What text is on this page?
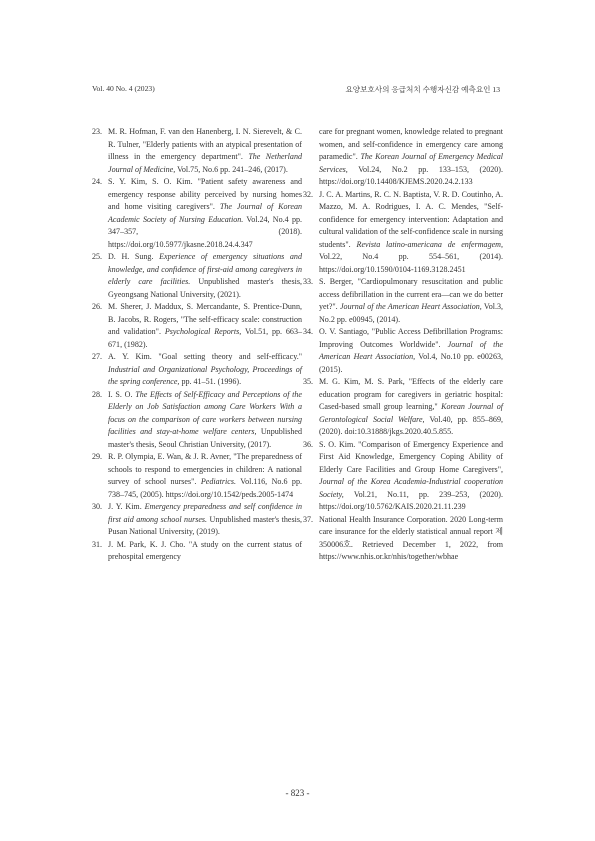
Vol. 40 No. 4 (2023)	요양보호사의 응급처치 수행자신감 예측요인 13
23. M. R. Hofman, F. van den Hanenberg, I. N. Sierevelt, & C. R. Tulner, "Elderly patients with an atypical presentation of illness in the emergency department". The Netherland Journal of Medicine, Vol.75, No.6 pp. 241–246, (2017).
24. S. Y. Kim, S. O. Kim. "Patient safety awareness and emergency response ability perceived by nursing homes and home visiting caregivers". The Journal of Korean Academic Society of Nursing Education. Vol.24, No.4 pp. 347–357, (2018). https://doi.org/10.5977/jkasne.2018.24.4.347
25. D. H. Sung. Experience of emergency situations and knowledge, and confidence of first-aid among caregivers in elderly care facilities. Unpublished master's thesis, Gyeongsang National University, (2021).
26. M. Sherer, J. Maddux, S. Mercandante, S. Prentice-Dunn, B. Jacobs, R. Rogers, "The self-efficacy scale: construction and validation". Psychological Reports, Vol.51, pp. 663–671, (1982).
27. A. Y. Kim. "Goal setting theory and self-efficacy." Industrial and Organizational Psychology, Proceedings of the spring conference, pp. 41–51. (1996).
28. I. S. O. The Effects of Self-Efficacy and Perceptions of the Elderly on Job Satisfaction among Care Workers With a focus on the comparison of care workers between nursing facilities and stay-at-home welfare centers, Unpublished master's thesis, Seoul Christian University, (2017).
29. R. P. Olympia, E. Wan, & J. R. Avner, "The preparedness of schools to respond to emergencies in children: A national survey of school nurses". Pediatrics. Vol.116, No.6 pp. 738–745, (2005). https://doi.org/10.1542/peds.2005-1474
30. J. Y. Kim. Emergency preparedness and self confidence in first aid among school nurses. Unpublished master's thesis, Pusan National University, (2019).
31. J. M. Park, K. J. Cho. "A study on the current status of prehospital emergency
care for pregnant women, knowledge related to pregnant women, and self-confidence in emergency care among paramedic". The Korean Journal of Emergency Medical Services, Vol.24, No.2 pp. 133–153, (2020). https://doi.org/10.14408/KJEMS.2020.24.2.133
32. J. C. A. Martins, R. C. N. Baptista, V. R. D. Coutinho, A. Mazzo, M. A. Rodrigues, I. A. C. Mendes, "Self-confidence for emergency intervention: Adaptation and cultural validation of the self-confidence scale in nursing students". Revista latino-americana de enfermagem, Vol.22, No.4 pp. 554–561, (2014). https://doi.org/10.1590/0104-1169.3128.2451
33. S. Berger, "Cardiopulmonary resuscitation and public access defibrillation in the current era—can we do better yet?". Journal of the American Heart Association, Vol.3, No.2 pp. e00945, (2014).
34. O. V. Santiago, "Public Access Defibrillation Programs: Improving Outcomes Worldwide". Journal of the American Heart Association, Vol.4, No.10 pp. e00263, (2015).
35. M. G. Kim, M. S. Park, "Effects of the elderly care education program for caregivers in geriatric hospital: Cased-based small group learning," Korean Journal of Gerontological Social Welfare, Vol.40, pp. 855–869, (2020). doi:10.31888/jkgs.2020.40.5.855.
36. S. O. Kim. "Comparison of Emergency Experience and First Aid Knowledge, Emergency Coping Ability of Elderly Care Facilities and Group Home Caregivers", Journal of the Korea Academia-Industrial cooperation Society, Vol.21, No.11, pp. 239–253, (2020). https://doi.org/10.5762/KAIS.2020.21.11.239
37. National Health Insurance Corporation. 2020 Long-term care insurance for the elderly statistical annual report 제350006호. Retrieved December 1, 2022, from https://www.nhis.or.kr/nhis/together/wbhae
- 823 -
